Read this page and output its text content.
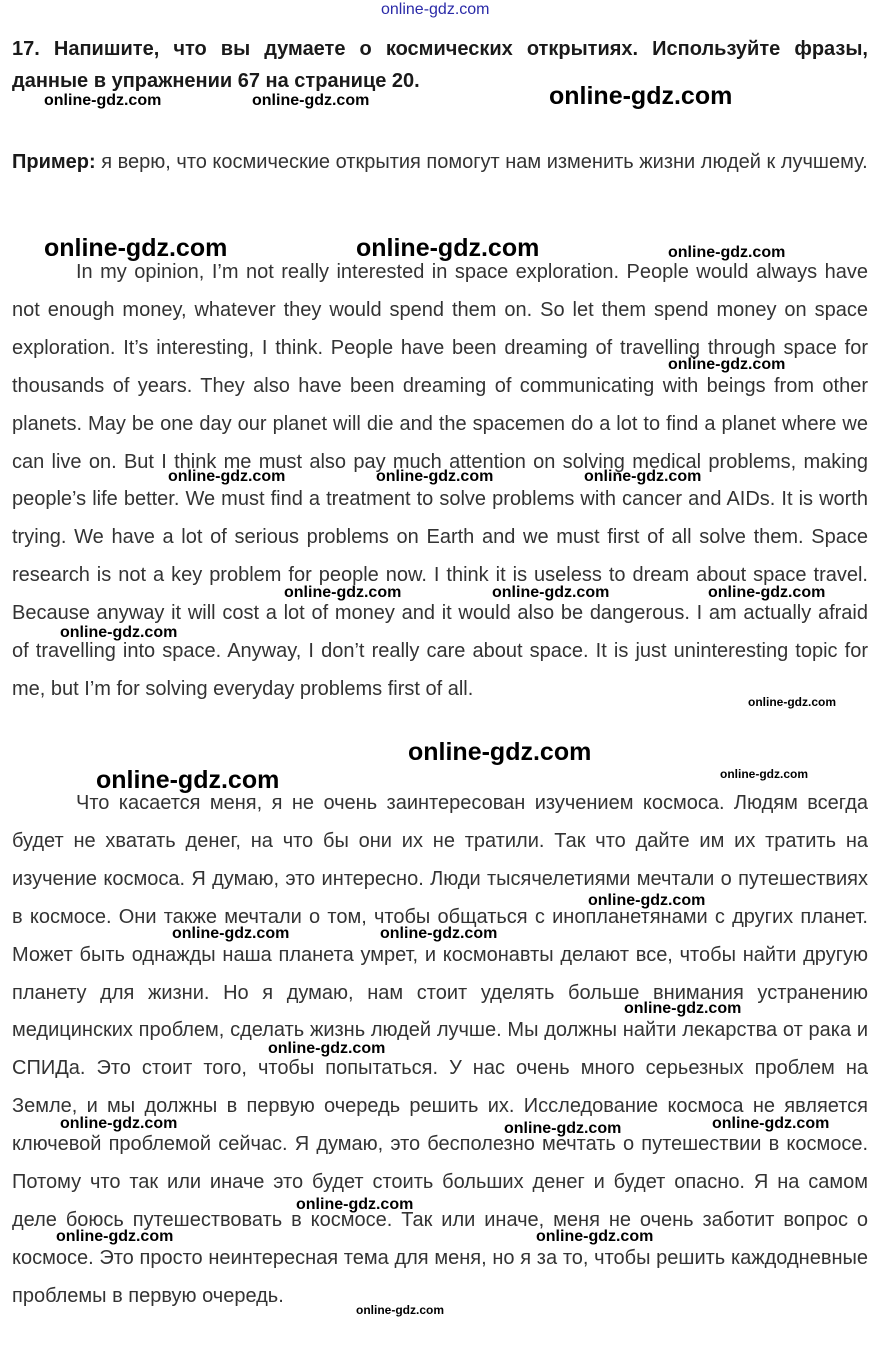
online-gdz.com
17. Напишите, что вы думаете о космических открытиях. Используйте фразы, данные в упражнении 67 на странице 20.
Пример: я верю, что космические открытия помогут нам изменить жизни людей к лучшему.

In my opinion, I’m not really interested in space exploration. People would always have not enough money, whatever they would spend them on. So let them spend money on space exploration. It’s interesting, I think. People have been dreaming of travelling through space for thousands of years. They also have been dreaming of communicating with beings from other planets. May be one day our planet will die and the spacemen do a lot to find a planet where we can live on. But I think me must also pay much attention on solving medical problems, making people’s life better. We must find a treatment to solve problems with cancer and AIDs. It is worth trying. We have a lot of serious problems on Earth and we must first of all solve them. Space research is not a key problem for people now. I think it is useless to dream about space travel. Because anyway it will cost a lot of money and it would also be dangerous. I am actually afraid of travelling into space. Anyway, I don’t really care about space. It is just uninteresting topic for me, but I’m for solving everyday problems first of all.

Что касается меня, я не очень заинтересован изучением космоса. Людям всегда будет не хватать денег, на что бы они их не тратили. Так что дайте им их тратить на изучение космоса. Я думаю, это интересно. Люди тысячелетиями мечтали о путешествиях в космосе. Они также мечтали о том, чтобы общаться с инопланетянами с других планет. Может быть однажды наша планета умрет, и космонавты делают все, чтобы найти другую планету для жизни. Но я думаю, нам стоит уделять больше внимания устранению медицинских проблем, сделать жизнь людей лучше. Мы должны найти лекарства от рака и СПИДа. Это стоит того, чтобы попытаться. У нас очень много серьезных проблем на Земле, и мы должны в первую очередь решить их. Исследование космоса не является ключевой проблемой сейчас. Я думаю, это бесполезно мечтать о путешествии в космосе. Потому что так или иначе это будет стоить больших денег и будет опасно. Я на самом деле боюсь путешествовать в космосе. Так или иначе, меня не очень заботит вопрос о космосе. Это просто неинтересная тема для меня, но я за то, чтобы решить каждодневные проблемы в первую очередь.

online-gdz.com	online-gdz.com	online-gdz.com
online-gdz.com	online-gdz.com	online-gdz.com
online-gdz.com
online-gdz.com	online-gdz.com	online-gdz.com
online-gdz.com	online-gdz.com	online-gdz.com
online-gdz.com
online-gdz.com
online-gdz.com
online-gdz.com	online-gdz.com
online-gdz.com
online-gdz.com	online-gdz.com
online-gdz.com
online-gdz.com
online-gdz.com	online-gdz.com	online-gdz.com
online-gdz.com
online-gdz.com	online-gdz.com
online-gdz.com
